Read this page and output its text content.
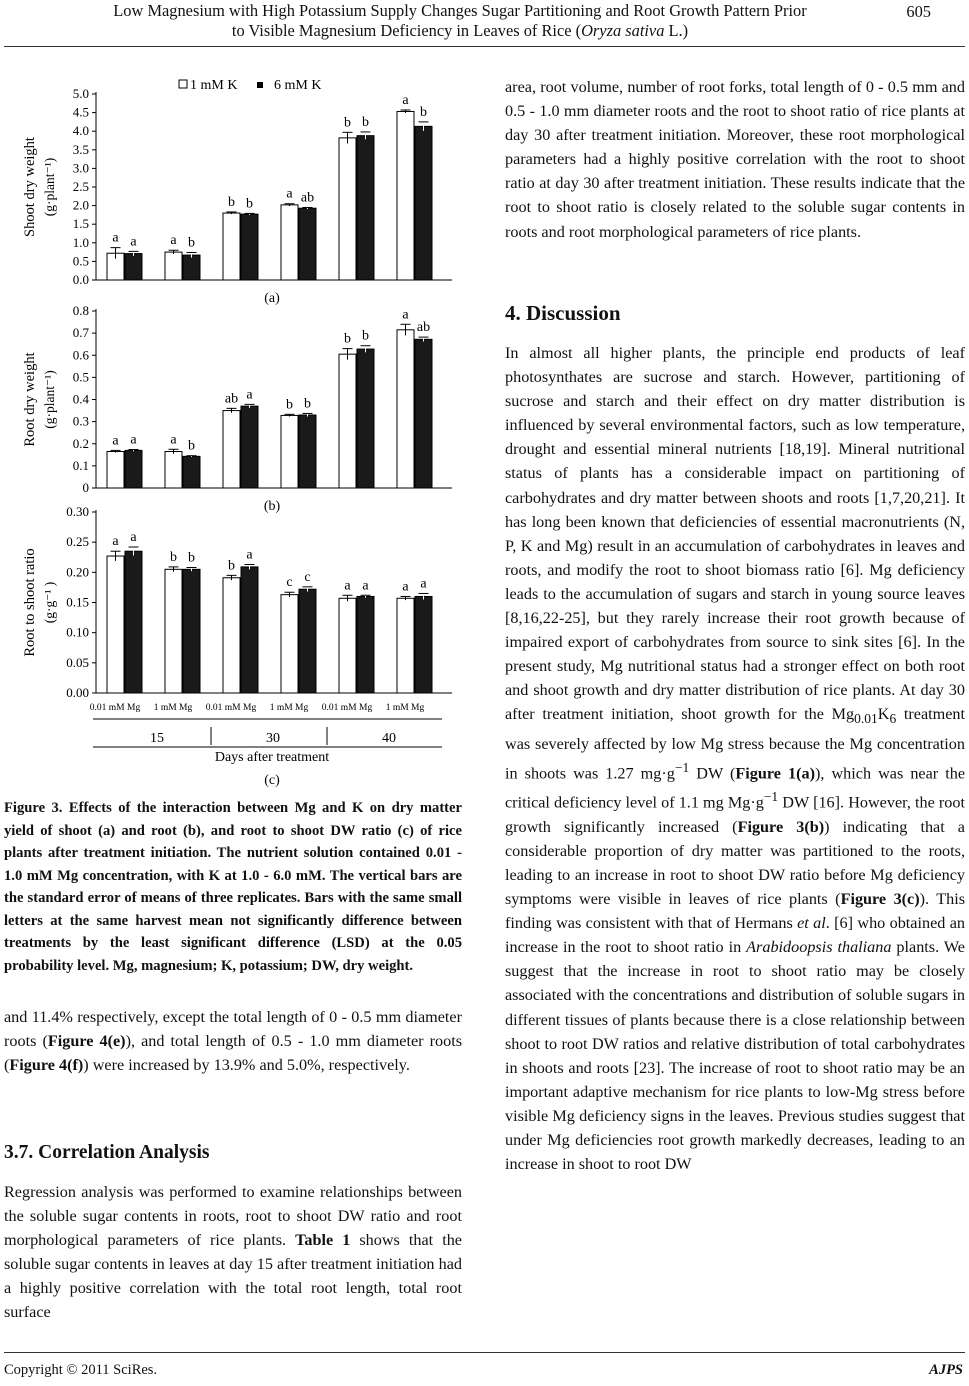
Low Magnesium with High Potassium Supply Changes Sugar Partitioning and Root Growth Pattern Prior
to Visible Magnesium Deficiency in Leaves of Rice (Oryza sativa L.)
605
0.0
0.5
1.0
1.5
2.0
2.5
3.0
3.5
4.0
4.5
5.0
Shoot dry weight (g·plant⁻¹)
a a a b
b b
a ab
b b
a
b
(a)
1 mM K	6 mM K
0
0.1
0.2
0.3
0.4
0.5
0.6
0.7
0.8
Root dry weight (g·plant⁻¹)
a a a b
ab a
b b
b b
a
ab
(b)
0.00
0.05
0.10
0.15
0.20
0.25
0.30
Root to shoot ratio (g·g⁻¹ )
a a
b b
b
a
c c
a a a a
(c)
0.01 mM Mg 1 mM Mg 0.01 mM Mg 1 mM Mg 0.01 mM Mg 1 mM Mg
15	30	40
Days after treatment

Figure 3. Effects of the interaction between Mg and K on dry matter yield of shoot (a) and root (b), and root to shoot DW ratio (c) of rice plants after treatment initiation. The nutrient solution contained 0.01 - 1.0 mM Mg concentration, with K at 1.0 - 6.0 mM. The vertical bars are the standard error of means of three replicates. Bars with the same small letters at the same harvest mean not significantly difference between treatments by the least significant difference (LSD) at the 0.05 probability level. Mg, magnesium; K, potassium; DW, dry weight.

and 11.4% respectively, except the total length of 0 - 0.5 mm diameter roots (Figure 4(e)), and total length of 0.5 - 1.0 mm diameter roots (Figure 4(f)) were increased by 13.9% and 5.0%, respectively.

3.7. Correlation Analysis

Regression analysis was performed to examine relationships between the soluble sugar contents in roots, root to shoot DW ratio and root morphological parameters of rice plants. Table 1 shows that the soluble sugar contents in leaves at day 15 after treatment initiation had a highly positive correlation with the total root length, total root surface

area, root volume, number of root forks, total length of 0 - 0.5 mm and 0.5 - 1.0 mm diameter roots and the root to shoot ratio of rice plants at day 30 after treatment initiation. Moreover, these root morphological parameters had a highly positive correlation with the root to shoot ratio at day 30 after treatment initiation. These results indicate that the root to shoot ratio is closely related to the soluble sugar contents in roots and root morphological parameters of rice plants.

4. Discussion

In almost all higher plants, the principle end products of leaf photosynthates are sucrose and starch. However, partitioning of sucrose and starch and their effect on dry matter distribution is influenced by several environmental factors, such as low temperature, drought and essential mineral nutrients [18,19]. Mineral nutritional status of plants has a considerable impact on partitioning of carbohydrates and dry matter between shoots and roots [1,7,20,21]. It has long been known that deficiencies of essential macronutrients (N, P, K and Mg) result in an accumulation of carbohydrates in leaves and roots, and modify the root to shoot biomass ratio [6]. Mg deficiency leads to the accumulation of sugars and starch in young source leaves [8,16,22-25], but they rarely increase their root growth because of impaired export of carbohydrates from source to sink sites [6]. In the present study, Mg nutritional status had a stronger effect on both root and shoot growth and dry matter distribution of rice plants. At day 30 after treatment initiation, shoot growth for the $Mg_{0.01}K_6$ treatment was severely affected by low Mg stress because the Mg concentration in shoots was 1.27 $mg\cdot g^{-1}$ DW (Figure 1(a)), which was near the critical deficiency level of 1.1 mg $Mg\cdot g^{-1}$ DW [16]. However, the root growth significantly increased (Figure 3(b)) indicating that a considerable proportion of dry matter was partitioned to the roots, leading to an increase in root to shoot DW ratio before Mg deficiency symptoms were visible in leaves of rice plants (Figure 3(c)). This finding was consistent with that of Hermans et al. [6] who obtained an increase in the root to shoot ratio in Arabidoopsis thaliana plants. We suggest that the increase in root to shoot ratio may be closely associated with the concentrations and distribution of soluble sugars in different tissues of plants because there is a close relationship between shoot to root DW ratios and relative distribution of total carbohydrates in shoots and roots [23]. The increase of root to shoot ratio may be an important adaptive mechanism for rice plants to low-Mg stress before visible Mg deficiency signs in the leaves. Previous studies suggest that under Mg deficiencies root growth markedly decreases, leading to an increase in shoot to root DW

Copyright © 2011 SciRes.	AJPS
